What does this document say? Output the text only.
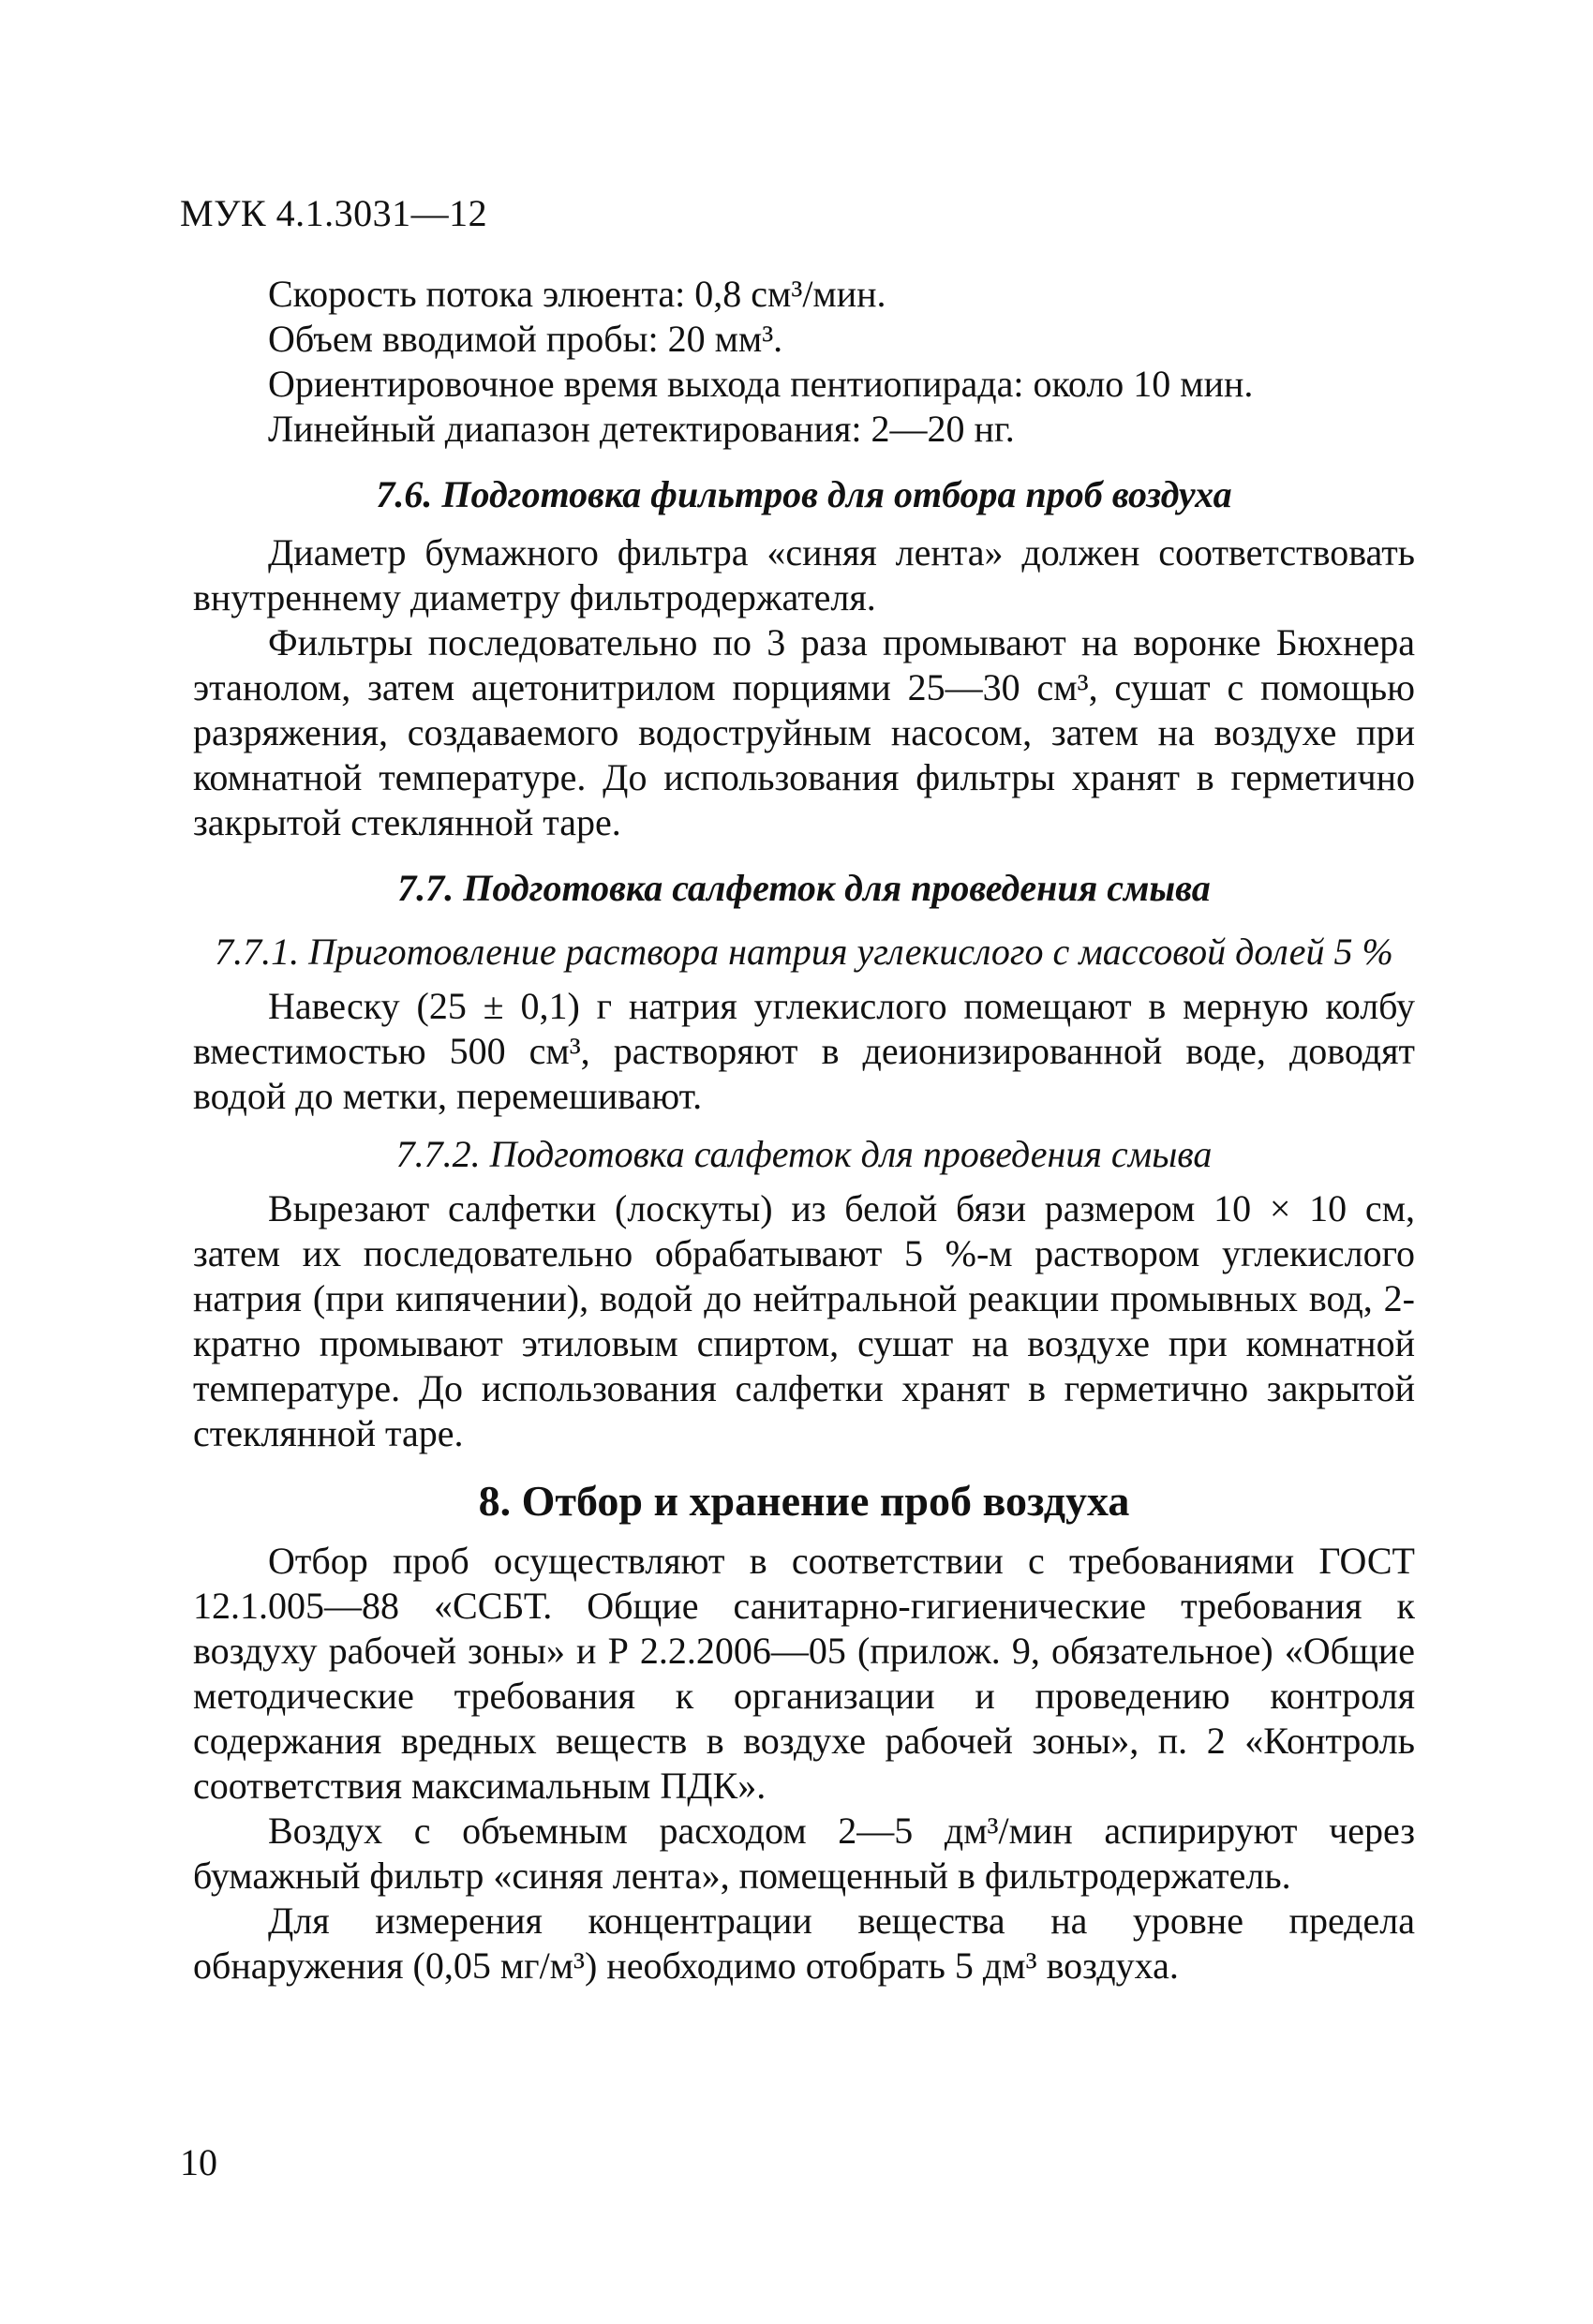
МУК 4.1.3031—12

Скорость потока элюента: 0,8 см³/мин.

Объем вводимой пробы: 20 мм³.

Ориентировочное время выхода пентиопирада: около 10 мин.

Линейный диапазон детектирования: 2—20 нг.

7.6. Подготовка фильтров для отбора проб воздуха

Диаметр бумажного фильтра «синяя лента» должен соответствовать внутреннему диаметру фильтродержателя.

Фильтры последовательно по 3 раза промывают на воронке Бюхнера этанолом, затем ацетонитрилом порциями 25—30 см³, сушат с помощью разряжения, создаваемого водоструйным насосом, затем на воздухе при комнатной температуре. До использования фильтры хранят в герметично закрытой стеклянной таре.

7.7. Подготовка салфеток для проведения смыва

7.7.1. Приготовление раствора натрия углекислого с массовой долей 5 %

Навеску (25 ± 0,1) г натрия углекислого помещают в мерную колбу вместимостью 500 см³, растворяют в деионизированной воде, доводят водой до метки, перемешивают.

7.7.2. Подготовка салфеток для проведения смыва

Вырезают салфетки (лоскуты) из белой бязи размером 10 × 10 см, затем их последовательно обрабатывают 5 %-м раствором углекислого натрия (при кипячении), водой до нейтральной реакции промывных вод, 2-кратно промывают этиловым спиртом, сушат на воздухе при комнатной температуре. До использования салфетки хранят в герметично закрытой стеклянной таре.

8. Отбор и хранение проб воздуха

Отбор проб осуществляют в соответствии с требованиями ГОСТ 12.1.005—88 «ССБТ. Общие санитарно-гигиенические требования к воздуху рабочей зоны» и Р 2.2.2006—05 (прилож. 9, обязательное) «Общие методические требования к организации и проведению контроля содержания вредных веществ в воздухе рабочей зоны», п. 2 «Контроль соответствия максимальным ПДК».

Воздух с объемным расходом 2—5 дм³/мин аспирируют через бумажный фильтр «синяя лента», помещенный в фильтродержатель.

Для измерения концентрации вещества на уровне предела обнаружения (0,05 мг/м³) необходимо отобрать 5 дм³ воздуха.

10
